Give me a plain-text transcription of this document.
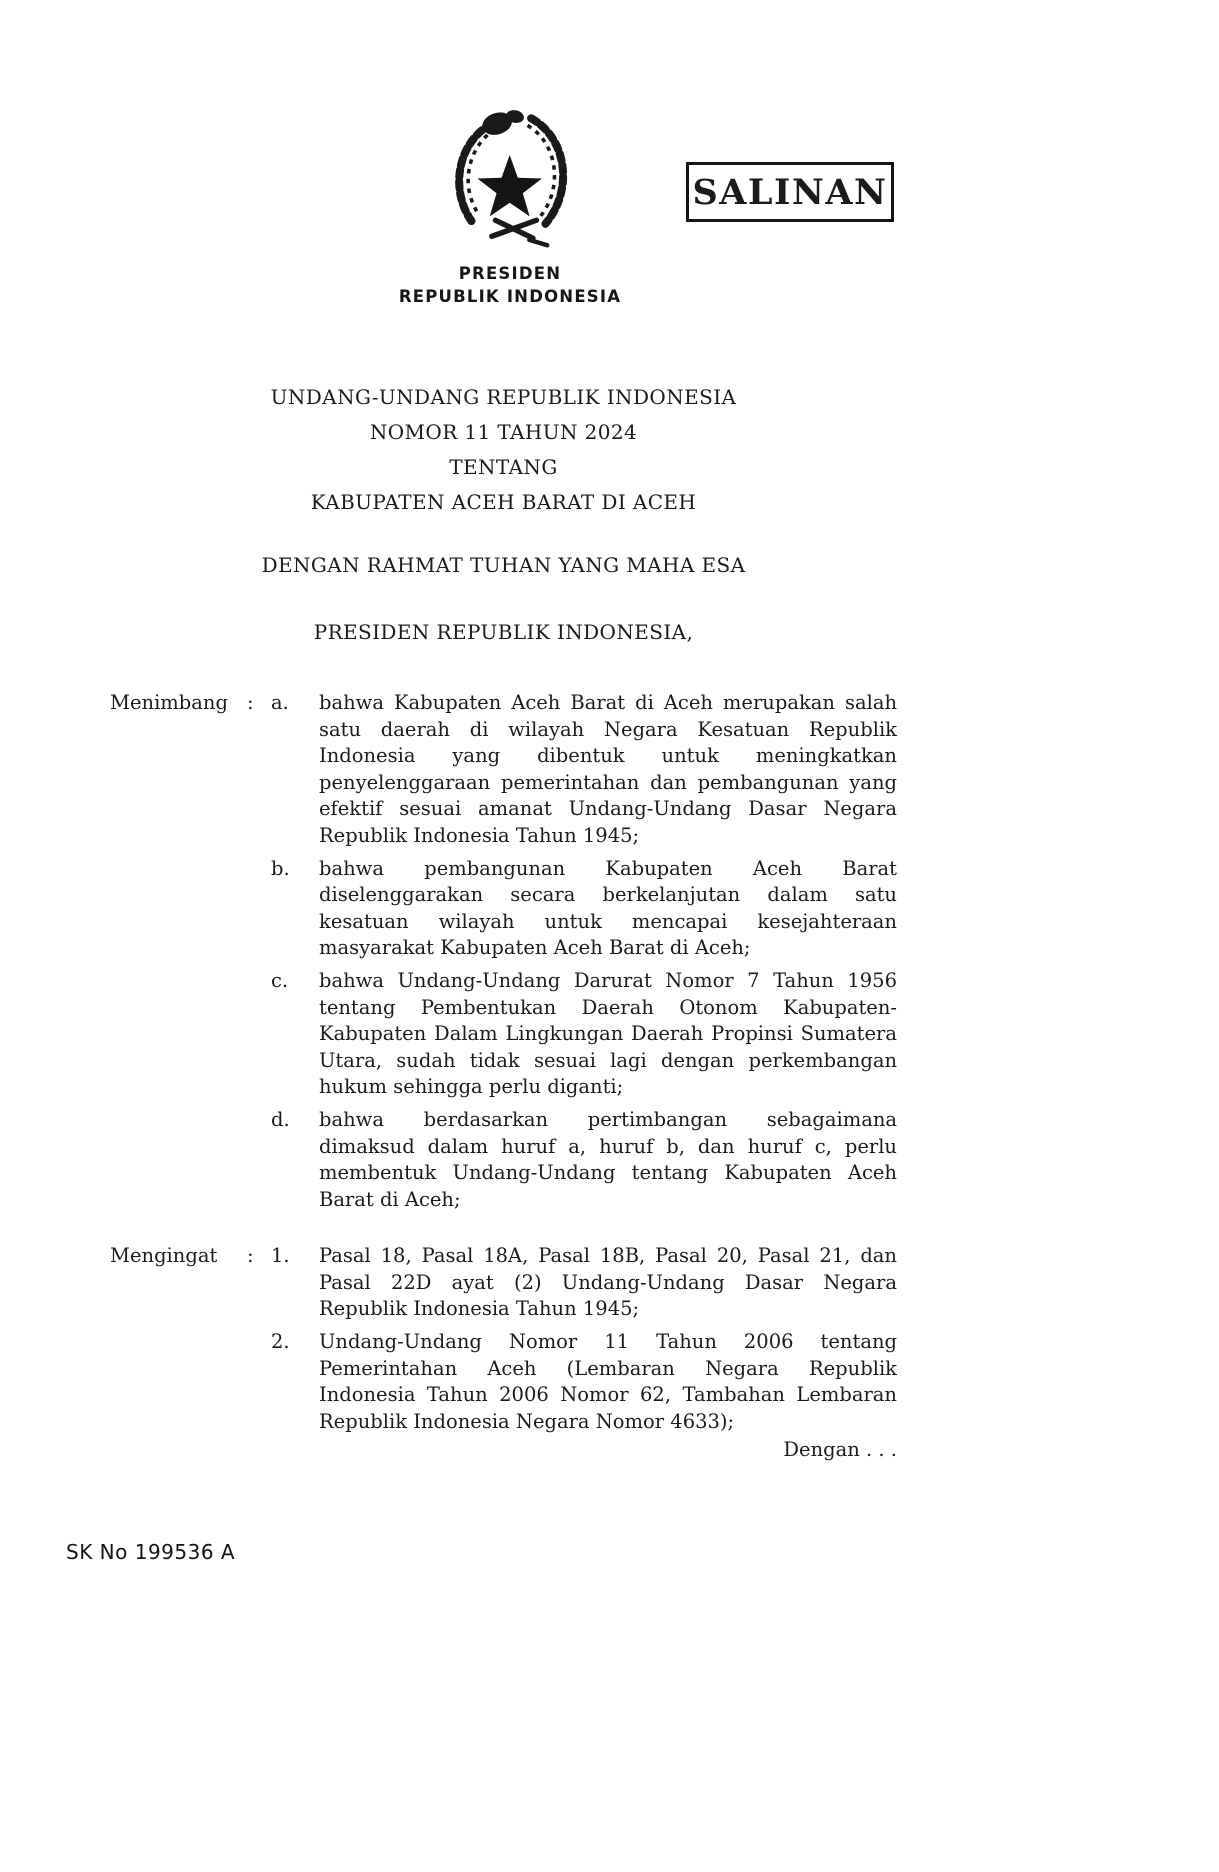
SALINAN
PRESIDEN
REPUBLIK INDONESIA
UNDANG-UNDANG REPUBLIK INDONESIA
NOMOR 11 TAHUN 2024
TENTANG
KABUPATEN ACEH BARAT DI ACEH
DENGAN RAHMAT TUHAN YANG MAHA ESA
PRESIDEN REPUBLIK INDONESIA,
Menimbang : a.	bahwa Kabupaten Aceh Barat di Aceh merupakan salah satu daerah di wilayah Negara Kesatuan Republik Indonesia yang dibentuk untuk meningkatkan penyelenggaraan pemerintahan dan pembangunan yang efektif sesuai amanat Undang-Undang Dasar Negara Republik Indonesia Tahun 1945;
b.	bahwa pembangunan Kabupaten Aceh Barat diselenggarakan secara berkelanjutan dalam satu kesatuan wilayah untuk mencapai kesejahteraan masyarakat Kabupaten Aceh Barat di Aceh;
c.	bahwa Undang-Undang Darurat Nomor 7 Tahun 1956 tentang Pembentukan Daerah Otonom Kabupaten-Kabupaten Dalam Lingkungan Daerah Propinsi Sumatera Utara, sudah tidak sesuai lagi dengan perkembangan hukum sehingga perlu diganti;
d.	bahwa berdasarkan pertimbangan sebagaimana dimaksud dalam huruf a, huruf b, dan huruf c, perlu membentuk Undang-Undang tentang Kabupaten Aceh Barat di Aceh;
Mengingat	: 1.	Pasal 18, Pasal 18A, Pasal 18B, Pasal 20, Pasal 21, dan Pasal 22D ayat (2) Undang-Undang Dasar Negara Republik Indonesia Tahun 1945;
2.	Undang-Undang Nomor 11 Tahun 2006 tentang Pemerintahan Aceh (Lembaran Negara Republik Indonesia Tahun 2006 Nomor 62, Tambahan Lembaran Republik Indonesia Negara Nomor 4633);
Dengan . . .
SK No 199536 A
